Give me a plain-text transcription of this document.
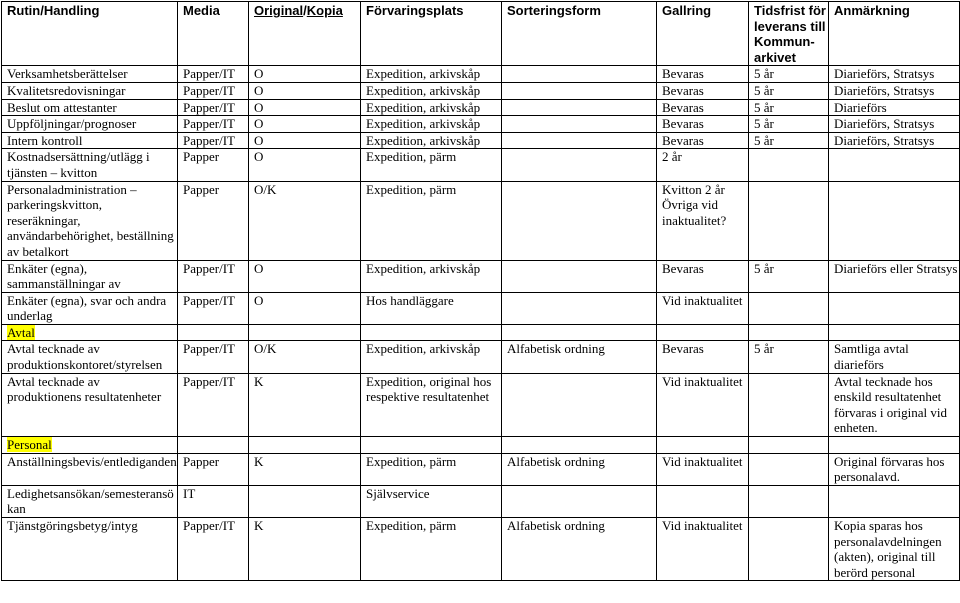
Rutin/Handling	Media	Original/Kopia	Förvaringsplats	Sorteringsform	Gallring	Tidsfrist för leverans till Kommun-arkivet	Anmärkning
Verksamhetsberättelser	Papper/IT	O	Expedition, arkivskåp		Bevaras	5 år	Diarieförs, Stratsys
Kvalitetsredovisningar	Papper/IT	O	Expedition, arkivskåp		Bevaras	5 år	Diarieförs, Stratsys
Beslut om attestanter	Papper/IT	O	Expedition, arkivskåp		Bevaras	5 år	Diarieförs
Uppföljningar/prognoser	Papper/IT	O	Expedition, arkivskåp		Bevaras	5 år	Diarieförs, Stratsys
Intern kontroll	Papper/IT	O	Expedition, arkivskåp		Bevaras	5 år	Diarieförs, Stratsys
Kostnadsersättning/utlägg i tjänsten – kvitton	Papper	O	Expedition, pärm		2 år		
Personaladministration – parkeringskvitton, reseräkningar, användarbehörighet, beställning av betalkort	Papper	O/K	Expedition, pärm		Kvitton 2 år Övriga vid inaktualitet?		
Enkäter (egna), sammanställningar av	Papper/IT	O	Expedition, arkivskåp		Bevaras	5 år	Diarieförs eller Stratsys
Enkäter (egna), svar och andra underlag	Papper/IT	O	Hos handläggare		Vid inaktualitet		
Avtal							
Avtal tecknade av produktionskontoret/styrelsen	Papper/IT	O/K	Expedition, arkivskåp	Alfabetisk ordning	Bevaras	5 år	Samtliga avtal diarieförs
Avtal tecknade av produktionens resultatenheter	Papper/IT	K	Expedition, original hos respektive resultatenhet		Vid inaktualitet		Avtal tecknade hos enskild resultatenhet förvaras i original vid enheten.
Personal							
Anställningsbevis/entlediganden	Papper	K	Expedition, pärm	Alfabetisk ordning	Vid inaktualitet		Original förvaras hos personalavd.
Ledighetsansökan/semesteransökan	IT		Självservice				
Tjänstgöringsbetyg/intyg	Papper/IT	K	Expedition, pärm	Alfabetisk ordning	Vid inaktualitet		Kopia sparas hos personalavdelningen (akten), original till berörd personal
